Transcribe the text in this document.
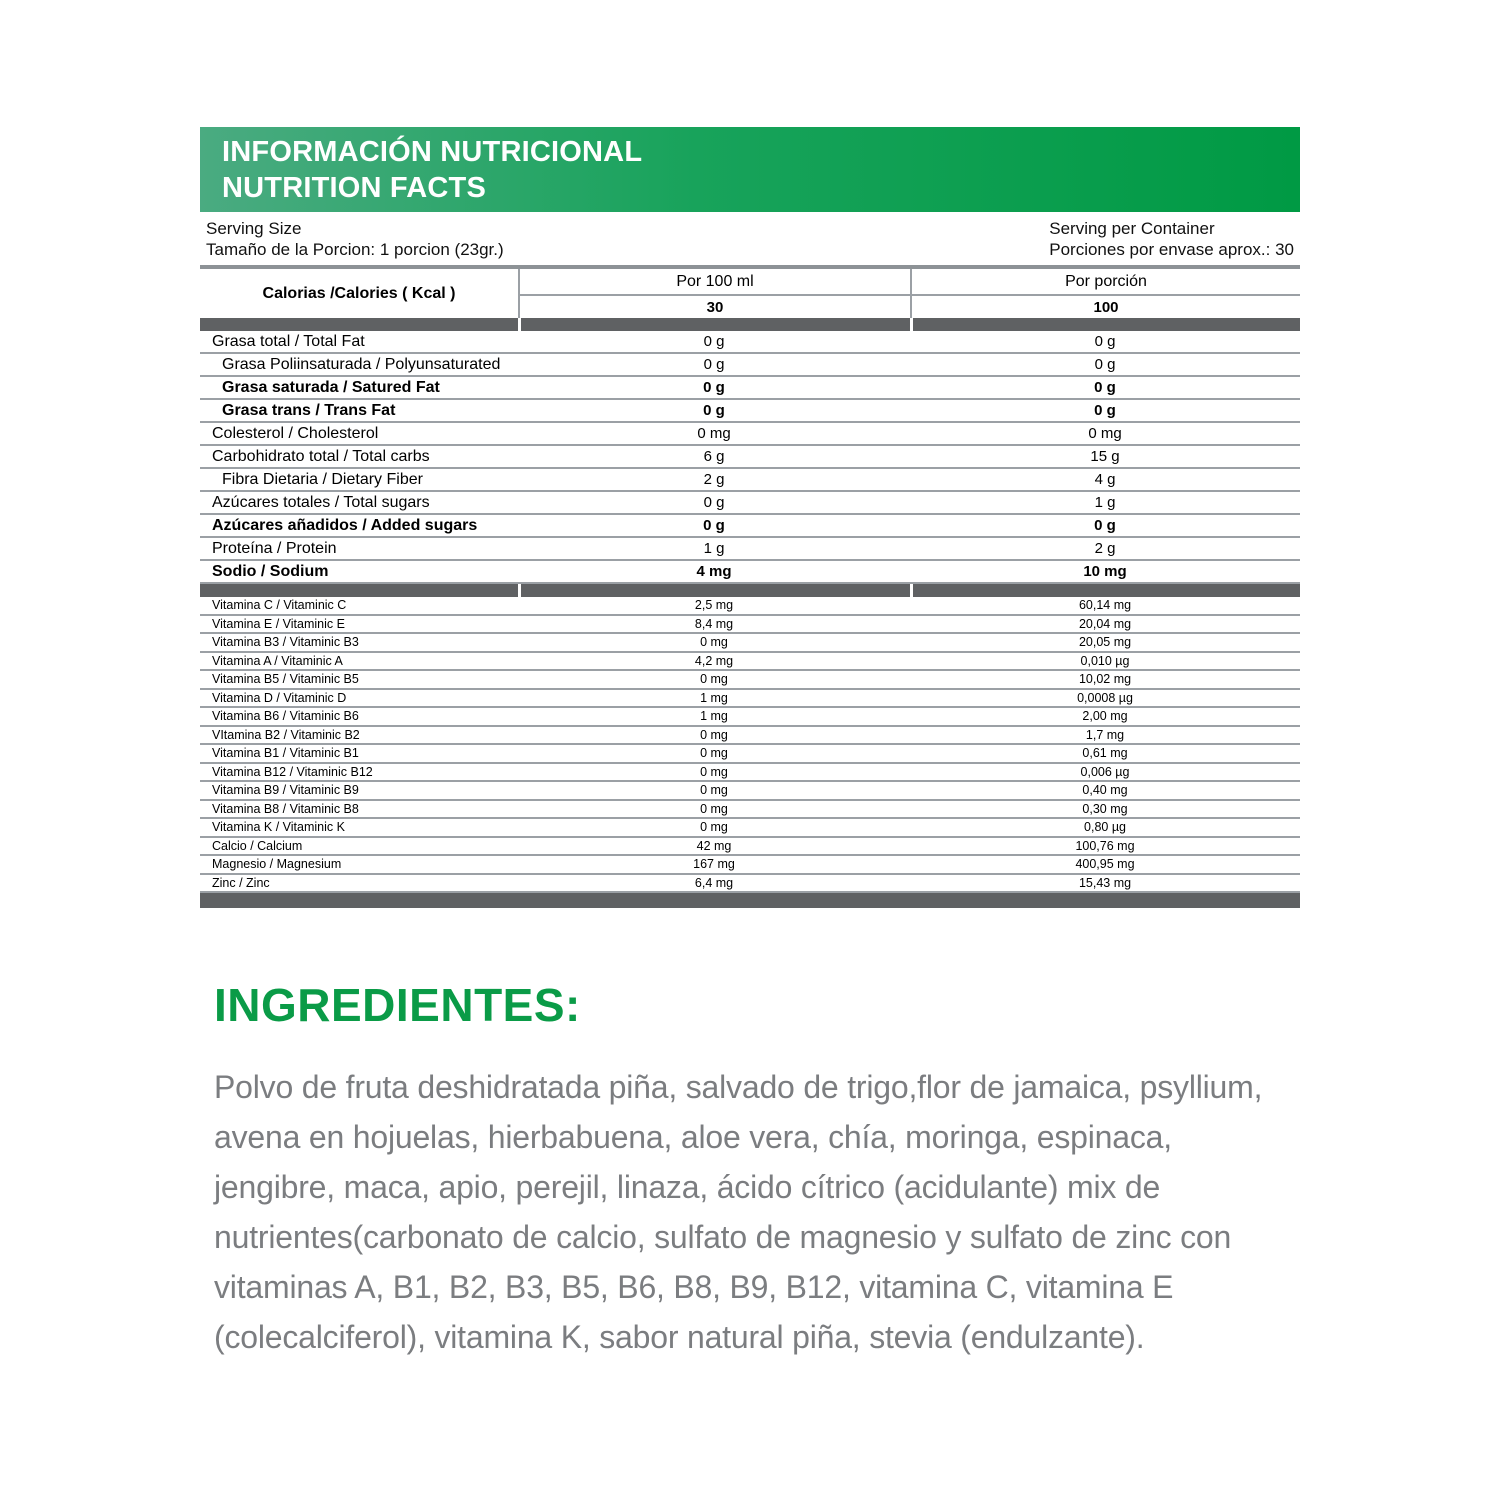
INFORMACIÓN NUTRICIONAL
NUTRITION FACTS
Serving Size
Tamaño de la Porcion: 1 porcion (23gr.)
Serving per Container
Porciones por envase aprox.: 30
Calorias /Calories ( Kcal )
Por 100 ml	Por porción
30	100
Grasa total / Total Fat	0 g	0 g
Grasa Poliinsaturada / Polyunsaturated	0 g	0 g
Grasa saturada / Satured Fat	0 g	0 g
Grasa trans / Trans Fat	0 g	0 g
Colesterol / Cholesterol	0 mg	0 mg
Carbohidrato total / Total carbs	6 g	15 g
Fibra Dietaria / Dietary Fiber	2 g	4 g
Azúcares totales / Total sugars	0 g	1 g
Azúcares añadidos / Added sugars	0 g	0 g
Proteína / Protein	1 g	2 g
Sodio / Sodium	4 mg	10 mg
Vitamina C / Vitaminic C	2,5 mg	60,14 mg
Vitamina E / Vitaminic E	8,4 mg	20,04 mg
Vitamina B3 / Vitaminic B3	0 mg	20,05 mg
Vitamina A / Vitaminic A	4,2 mg	0,010 µg
Vitamina B5 / Vitaminic B5	0 mg	10,02 mg
Vitamina D / Vitaminic D	1 mg	0,0008 µg
Vitamina B6 / Vitaminic B6	1 mg	2,00 mg
VItamina B2 / Vitaminic B2	0 mg	1,7 mg
Vitamina B1 / Vitaminic B1	0 mg	0,61 mg
Vitamina B12 / Vitaminic B12	0 mg	0,006 µg
Vitamina B9 / Vitaminic B9	0 mg	0,40 mg
Vitamina B8 / Vitaminic B8	0 mg	0,30 mg
Vitamina K / Vitaminic K	0 mg	0,80 µg
Calcio / Calcium	42 mg	100,76 mg
Magnesio / Magnesium	167 mg	400,95 mg
Zinc / Zinc	6,4 mg	15,43 mg
INGREDIENTES:
Polvo de fruta deshidratada piña, salvado de trigo,flor de jamaica, psyllium, avena en hojuelas, hierbabuena, aloe vera, chía, moringa, espinaca, jengibre, maca, apio, perejil, linaza, ácido cítrico (acidulante) mix de nutrientes(carbonato de calcio, sulfato de magnesio y sulfato de zinc con vitaminas A, B1, B2, B3, B5, B6, B8, B9, B12, vitamina C, vitamina E (colecalciferol), vitamina K, sabor natural piña, stevia (endulzante).
